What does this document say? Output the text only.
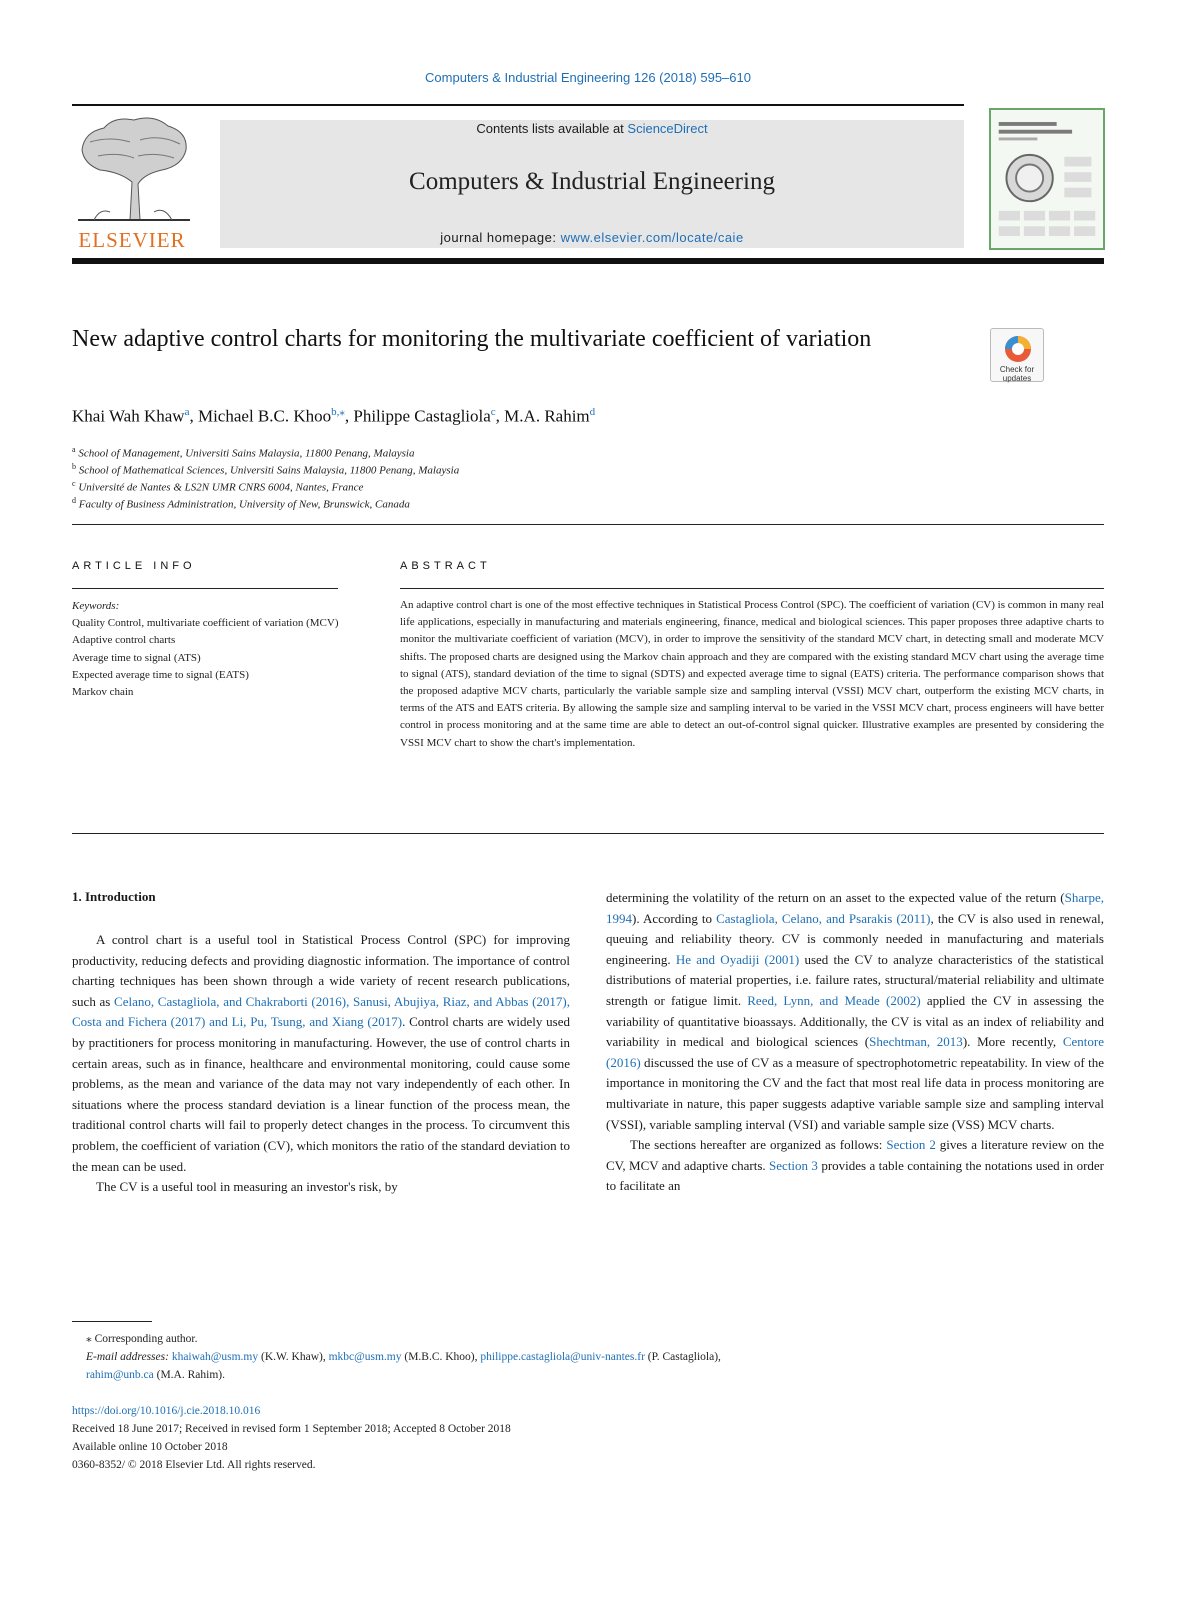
Computers & Industrial Engineering 126 (2018) 595–610
ELSEVIER
Contents lists available at ScienceDirect
Computers & Industrial Engineering
journal homepage: www.elsevier.com/locate/caie
New adaptive control charts for monitoring the multivariate coefficient of variation
Check for updates
Khai Wah Khaw$^a$, Michael B.C. Khoo$^{b,⁎}$, Philippe Castagliola$^c$, M.A. Rahim$^d$
$^a$ School of Management, Universiti Sains Malaysia, 11800 Penang, Malaysia
$^b$ School of Mathematical Sciences, Universiti Sains Malaysia, 11800 Penang, Malaysia
$^c$ Université de Nantes & LS2N UMR CNRS 6004, Nantes, France
$^d$ Faculty of Business Administration, University of New, Brunswick, Canada
ARTICLE INFO	ABSTRACT
Keywords:
Quality Control, multivariate coefficient of variation (MCV)
Adaptive control charts
Average time to signal (ATS)
Expected average time to signal (EATS)
Markov chain
An adaptive control chart is one of the most effective techniques in Statistical Process Control (SPC). The coefficient of variation (CV) is common in many real life applications, especially in manufacturing and materials engineering, finance, medical and biological sciences. This paper proposes three adaptive charts to monitor the multivariate coefficient of variation (MCV), in order to improve the sensitivity of the standard MCV chart, in detecting small and moderate MCV shifts. The proposed charts are designed using the Markov chain approach and they are compared with the existing standard MCV chart using the average time to signal (ATS), standard deviation of the time to signal (SDTS) and expected average time to signal (EATS) criteria. The performance comparison shows that the proposed adaptive MCV charts, particularly the variable sample size and sampling interval (VSSI) MCV chart, outperform the existing MCV charts, in terms of the ATS and EATS criteria. By allowing the sample size and sampling interval to be varied in the VSSI MCV chart, process engineers will have better control in process monitoring and at the same time are able to detect an out-of-control signal quicker. Illustrative examples are presented by considering the VSSI MCV chart to show the chart's implementation.
1. Introduction

A control chart is a useful tool in Statistical Process Control (SPC) for improving productivity, reducing defects and providing diagnostic information. The importance of control charting techniques has been shown through a wide variety of recent research publications, such as Celano, Castagliola, and Chakraborti (2016), Sanusi, Abujiya, Riaz, and Abbas (2017), Costa and Fichera (2017) and Li, Pu, Tsung, and Xiang (2017). Control charts are widely used by practitioners for process monitoring in manufacturing. However, the use of control charts in certain areas, such as in finance, healthcare and environmental monitoring, could cause some problems, as the mean and variance of the data may not vary independently of each other. In situations where the process standard deviation is a linear function of the process mean, the traditional control charts will fail to properly detect changes in the process. To circumvent this problem, the coefficient of variation (CV), which monitors the ratio of the standard deviation to the mean can be used.

The CV is a useful tool in measuring an investor's risk, by

determining the volatility of the return on an asset to the expected value of the return (Sharpe, 1994). According to Castagliola, Celano, and Psarakis (2011), the CV is also used in renewal, queuing and reliability theory. CV is commonly needed in manufacturing and materials engineering. He and Oyadiji (2001) used the CV to analyze characteristics of the statistical distributions of material properties, i.e. failure rates, structural/material reliability and ultimate strength or fatigue limit. Reed, Lynn, and Meade (2002) applied the CV in assessing the variability of quantitative bioassays. Additionally, the CV is vital as an index of reliability and variability in medical and biological sciences (Shechtman, 2013). More recently, Centore (2016) discussed the use of CV as a measure of spectrophotometric repeatability. In view of the importance in monitoring the CV and the fact that most real life data in process monitoring are multivariate in nature, this paper suggests adaptive variable sample size and sampling interval (VSSI), variable sampling interval (VSI) and variable sample size (VSS) MCV charts.

The sections hereafter are organized as follows: Section 2 gives a literature review on the CV, MCV and adaptive charts. Section 3 provides a table containing the notations used in order to facilitate an

⁎ Corresponding author.
E-mail addresses: khaiwah@usm.my (K.W. Khaw), mkbc@usm.my (M.B.C. Khoo), philippe.castagliola@univ-nantes.fr (P. Castagliola),
rahim@unb.ca (M.A. Rahim).
https://doi.org/10.1016/j.cie.2018.10.016
Received 18 June 2017; Received in revised form 1 September 2018; Accepted 8 October 2018
Available online 10 October 2018
0360-8352/ © 2018 Elsevier Ltd. All rights reserved.
